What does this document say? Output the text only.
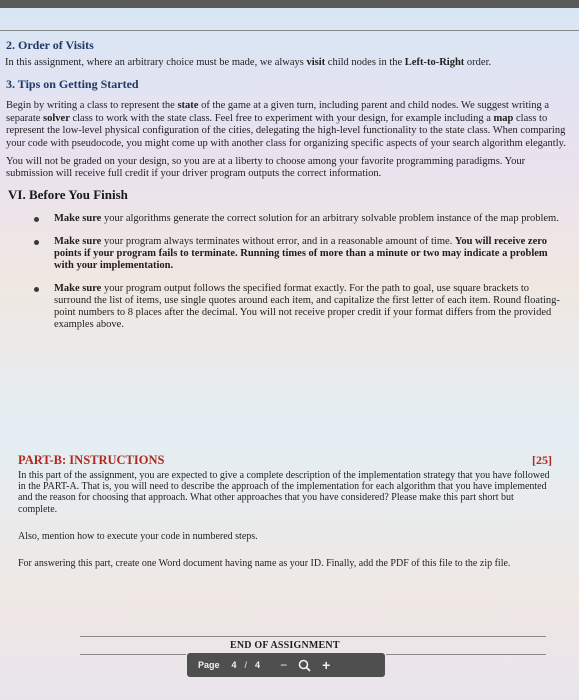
2. Order of Visits

In this assignment, where an arbitrary choice must be made, we always visit child nodes in the Left-to-Right order.

3. Tips on Getting Started

Begin by writing a class to represent the state of the game at a given turn, including parent and child nodes. We suggest writing a separate solver class to work with the state class. Feel free to experiment with your design, for example including a map class to represent the low-level physical configuration of the cities, delegating the high-level functionality to the state class. When comparing your code with pseudocode, you might come up with another class for organizing specific aspects of your search algorithm elegantly.

You will not be graded on your design, so you are at a liberty to choose among your favorite programming paradigms. Your submission will receive full credit if your driver program outputs the correct information.

VI. Before You Finish
Make sure your algorithms generate the correct solution for an arbitrary solvable problem instance of the map problem.
Make sure your program always terminates without error, and in a reasonable amount of time. You will receive zero points if your program fails to terminate. Running times of more than a minute or two may indicate a problem with your implementation.
Make sure your program output follows the specified format exactly. For the path to goal, use square brackets to surround the list of items, use single quotes around each item, and capitalize the first letter of each item. Round floating-point numbers to 8 places after the decimal. You will not receive proper credit if your format differs from the provided examples above.
PART-B: INSTRUCTIONS	[25]

In this part of the assignment, you are expected to give a complete description of the implementation strategy that you have followed in the PART-A. That is, you will need to describe the approach of the implementation for each algorithm that you have implemented and the reason for choosing that approach. What other approaches that you have considered? Please make this part short but complete.

Also, mention how to execute your code in numbered steps.

For answering this part, create one Word document having name as your ID. Finally, add the PDF of this file to the zip file.

END OF ASSIGNMENT
Page 4 / 4 −	+
